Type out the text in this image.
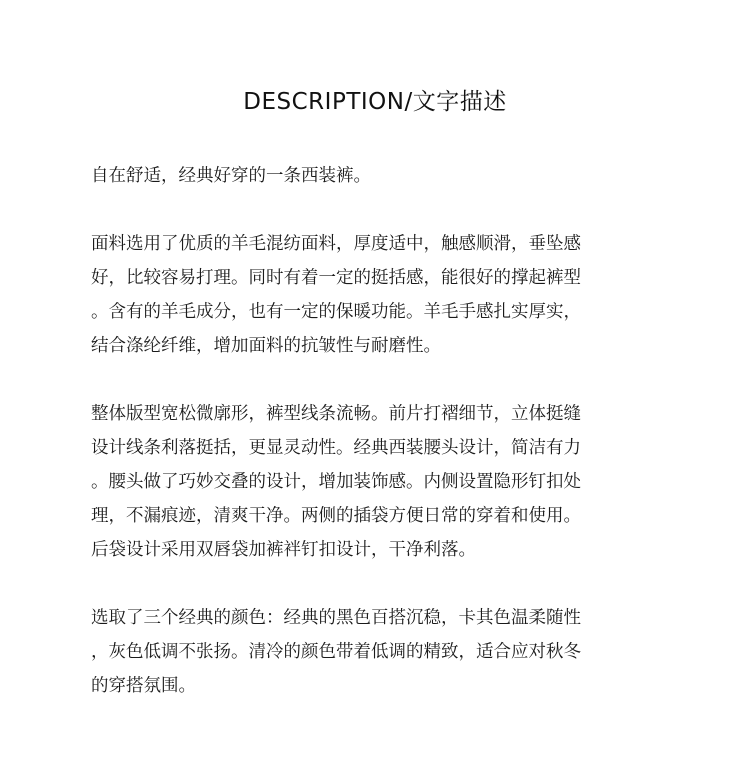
DESCRIPTION/文字描述
自在舒适，经典好穿的一条西装裤。
面料选用了优质的羊毛混纺面料，厚度适中，触感顺滑，垂坠感
好，比较容易打理。同时有着一定的挺括感，能很好的撑起裤型
。含有的羊毛成分，也有一定的保暖功能。羊毛手感扎实厚实，
结合涤纶纤维，增加面料的抗皱性与耐磨性。
整体版型宽松微廓形，裤型线条流畅。前片打褶细节，立体挺缝
设计线条利落挺括，更显灵动性。经典西装腰头设计，简洁有力
。腰头做了巧妙交叠的设计，增加装饰感。内侧设置隐形钉扣处
理，不漏痕迹，清爽干净。两侧的插袋方便日常的穿着和使用。
后袋设计采用双唇袋加裤袢钉扣设计，干净利落。
选取了三个经典的颜色：经典的黑色百搭沉稳，卡其色温柔随性
，灰色低调不张扬。清冷的颜色带着低调的精致，适合应对秋冬
的穿搭氛围。
